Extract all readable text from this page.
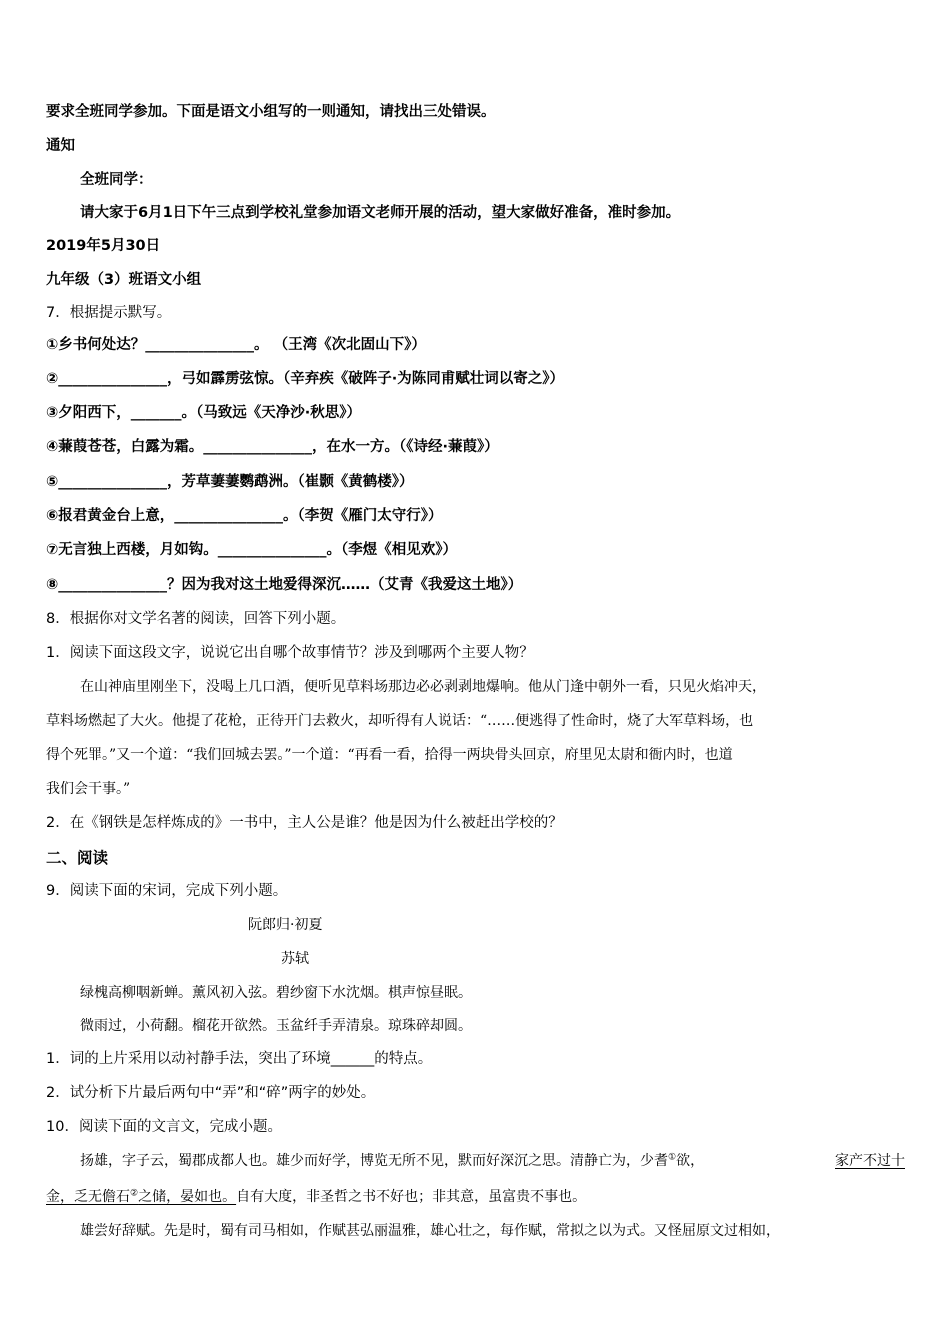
要求全班同学参加。下面是语文小组写的一则通知，请找出三处错误。
通知
全班同学：
请大家于6月1日下午三点到学校礼堂参加语文老师开展的活动，望大家做好准备，准时参加。
2019年5月30日
九年级（3）班语文小组
7．根据提示默写。
①乡书何处达？_______________。 （王湾《次北固山下》）
②_______________，弓如霹雳弦惊。（辛弃疾《破阵子·为陈同甫赋壮词以寄之》）
③夕阳西下，_______。（马致远《天净沙·秋思》）
④蒹葭苍苍，白露为霜。_______________，在水一方。（《诗经·蒹葭》）
⑤_______________，芳草萋萋鹦鹉洲。（崔颢《黄鹤楼》）
⑥报君黄金台上意，_______________。（李贺《雁门太守行》）
⑦无言独上西楼，月如钩。_______________。（李煜《相见欢》）
⑧_______________？因为我对这土地爱得深沉……（艾青《我爱这土地》）
8．根据你对文学名著的阅读，回答下列小题。
1．阅读下面这段文字，说说它出自哪个故事情节？涉及到哪两个主要人物？
在山神庙里刚坐下，没喝上几口酒，便听见草料场那边必必剥剥地爆响。他从门逢中朝外一看，只见火焰冲天，
草料场燃起了大火。他提了花枪，正待开门去救火，却听得有人说话：“……便逃得了性命时，烧了大军草料场，也
得个死罪。”又一个道：“我们回城去罢。”一个道：“再看一看，拾得一两块骨头回京，府里见太尉和衙内时，也道
我们会干事。”
2．在《钢铁是怎样炼成的》一书中，主人公是谁？他是因为什么被赶出学校的？
二、阅读
9．阅读下面的宋词，完成下列小题。
阮郎归·初夏
苏轼
绿槐高柳咽新蝉。薰风初入弦。碧纱窗下水沈烟。棋声惊昼眠。
微雨过，小荷翻。榴花开欲然。玉盆纤手弄清泉。琼珠碎却圆。
1．词的上片采用以动衬静手法，突出了环境______的特点。
2．试分析下片最后两句中“弄”和“碎”两字的妙处。
10．阅读下面的文言文，完成小题。
扬雄，字子云，蜀郡成都人也。雄少而好学，博览无所不见，默而好深沉之思。清静亡为，少耆①欲，	家产不过十
金，乏无儋石②之储，晏如也。自有大度，非圣哲之书不好也；非其意，虽富贵不事也。
雄尝好辞赋。先是时，蜀有司马相如，作赋甚弘丽温雅，雄心壮之，每作赋，常拟之以为式。又怪屈原文过相如，
